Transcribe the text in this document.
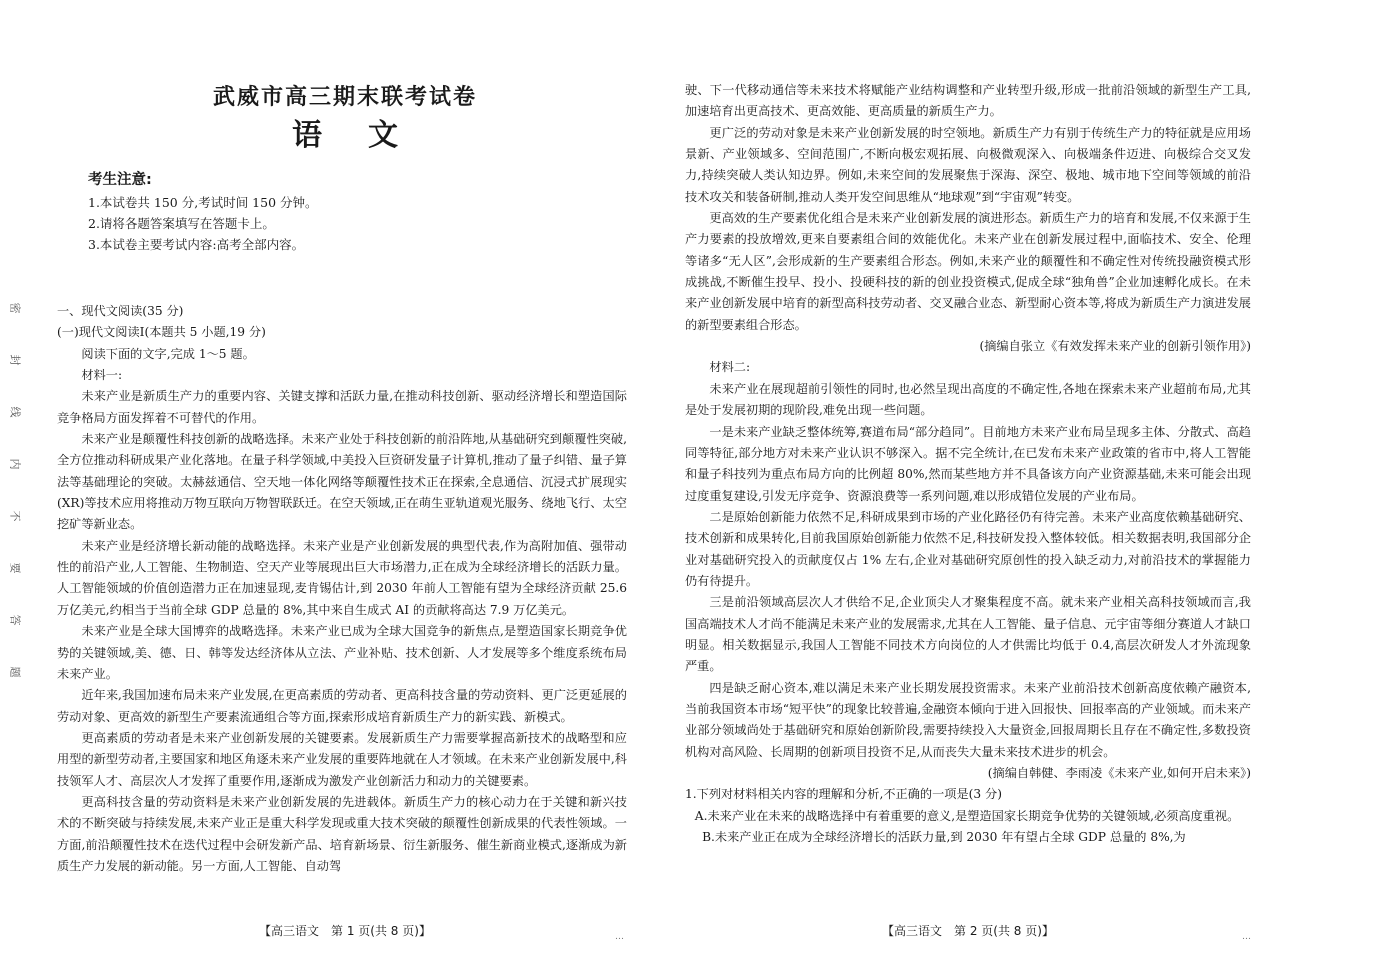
密
封
线
内
不
要
答
题
武威市高三期末联考试卷
语文
考生注意:
1.本试卷共 150 分,考试时间 150 分钟。
2.请将各题答案填写在答题卡上。
3.本试卷主要考试内容:高考全部内容。

一、现代文阅读(35 分)

(一)现代文阅读Ⅰ(本题共 5 小题,19 分)

阅读下面的文字,完成 1～5 题。

材料一:

未来产业是新质生产力的重要内容、关键支撑和活跃力量,在推动科技创新、驱动经济增长和塑造国际竞争格局方面发挥着不可替代的作用。

未来产业是颠覆性科技创新的战略选择。未来产业处于科技创新的前沿阵地,从基础研究到颠覆性突破,全方位推动科研成果产业化落地。在量子科学领域,中美投入巨资研发量子计算机,推动了量子纠错、量子算法等基础理论的突破。太赫兹通信、空天地一体化网络等颠覆性技术正在探索,全息通信、沉浸式扩展现实(XR)等技术应用将推动万物互联向万物智联跃迁。在空天领域,正在萌生亚轨道观光服务、绕地飞行、太空挖矿等新业态。

未来产业是经济增长新动能的战略选择。未来产业是产业创新发展的典型代表,作为高附加值、强带动性的前沿产业,人工智能、生物制造、空天产业等展现出巨大市场潜力,正在成为全球经济增长的活跃力量。人工智能领域的价值创造潜力正在加速显现,麦肯锡估计,到 2030 年前人工智能有望为全球经济贡献 25.6 万亿美元,约相当于当前全球 GDP 总量的 8%,其中来自生成式 AI 的贡献将高达 7.9 万亿美元。

未来产业是全球大国博弈的战略选择。未来产业已成为全球大国竞争的新焦点,是塑造国家长期竞争优势的关键领域,美、德、日、韩等发达经济体从立法、产业补贴、技术创新、人才发展等多个维度系统布局未来产业。

近年来,我国加速布局未来产业发展,在更高素质的劳动者、更高科技含量的劳动资料、更广泛更延展的劳动对象、更高效的新型生产要素流通组合等方面,探索形成培育新质生产力的新实践、新模式。

更高素质的劳动者是未来产业创新发展的关键要素。发展新质生产力需要掌握高新技术的战略型和应用型的新型劳动者,主要国家和地区角逐未来产业发展的重要阵地就在人才领域。在未来产业创新发展中,科技领军人才、高层次人才发挥了重要作用,逐渐成为激发产业创新活力和动力的关键要素。

更高科技含量的劳动资料是未来产业创新发展的先进载体。新质生产力的核心动力在于关键和新兴技术的不断突破与持续发展,未来产业正是重大科学发现或重大技术突破的颠覆性创新成果的代表性领域。一方面,前沿颠覆性技术在迭代过程中会研发新产品、培育新场景、衍生新服务、催生新商业模式,逐渐成为新质生产力发展的新动能。另一方面,人工智能、自动驾

【高三语文　第 1 页(共 8 页)】	…

驶、下一代移动通信等未来技术将赋能产业结构调整和产业转型升级,形成一批前沿领域的新型生产工具,加速培育出更高技术、更高效能、更高质量的新质生产力。

更广泛的劳动对象是未来产业创新发展的时空领地。新质生产力有别于传统生产力的特征就是应用场景新、产业领域多、空间范围广,不断向极宏观拓展、向极微观深入、向极端条件迈进、向极综合交叉发力,持续突破人类认知边界。例如,未来空间的发展聚焦于深海、深空、极地、城市地下空间等领域的前沿技术攻关和装备研制,推动人类开发空间思维从“地球观”到“宇宙观”转变。

更高效的生产要素优化组合是未来产业创新发展的演进形态。新质生产力的培育和发展,不仅来源于生产力要素的投放增效,更来自要素组合间的效能优化。未来产业在创新发展过程中,面临技术、安全、伦理等诸多“无人区”,会形成新的生产要素组合形态。例如,未来产业的颠覆性和不确定性对传统投融资模式形成挑战,不断催生投早、投小、投硬科技的新的创业投资模式,促成全球“独角兽”企业加速孵化成长。在未来产业创新发展中培育的新型高科技劳动者、交叉融合业态、新型耐心资本等,将成为新质生产力演进发展的新型要素组合形态。

(摘编自张立《有效发挥未来产业的创新引领作用》)

材料二:

未来产业在展现超前引领性的同时,也必然呈现出高度的不确定性,各地在探索未来产业超前布局,尤其是处于发展初期的现阶段,难免出现一些问题。

一是未来产业缺乏整体统筹,赛道布局“部分趋同”。目前地方未来产业布局呈现多主体、分散式、高趋同等特征,部分地方对未来产业认识不够深入。据不完全统计,在已发布未来产业政策的省市中,将人工智能和量子科技列为重点布局方向的比例超 80%,然而某些地方并不具备该方向产业资源基础,未来可能会出现过度重复建设,引发无序竞争、资源浪费等一系列问题,难以形成错位发展的产业布局。

二是原始创新能力依然不足,科研成果到市场的产业化路径仍有待完善。未来产业高度依赖基础研究、技术创新和成果转化,目前我国原始创新能力依然不足,科技研发投入整体较低。相关数据表明,我国部分企业对基础研究投入的贡献度仅占 1% 左右,企业对基础研究原创性的投入缺乏动力,对前沿技术的掌握能力仍有待提升。

三是前沿领域高层次人才供给不足,企业顶尖人才聚集程度不高。就未来产业相关高科技领域而言,我国高端技术人才尚不能满足未来产业的发展需求,尤其在人工智能、量子信息、元宇宙等细分赛道人才缺口明显。相关数据显示,我国人工智能不同技术方向岗位的人才供需比均低于 0.4,高层次研发人才外流现象严重。

四是缺乏耐心资本,难以满足未来产业长期发展投资需求。未来产业前沿技术创新高度依赖产融资本,当前我国资本市场“短平快”的现象比较普遍,金融资本倾向于进入回报快、回报率高的产业领域。而未来产业部分领域尚处于基础研究和原始创新阶段,需要持续投入大量资金,回报周期长且存在不确定性,多数投资机构对高风险、长周期的创新项目投资不足,从而丧失大量未来技术进步的机会。

(摘编自韩健、李雨凌《未来产业,如何开启未来》)

1.下列对材料相关内容的理解和分析,不正确的一项是(3 分)

A.未来产业在未来的战略选择中有着重要的意义,是塑造国家长期竞争优势的关键领域,必须高度重视。

B.未来产业正在成为全球经济增长的活跃力量,到 2030 年有望占全球 GDP 总量的 8%,为

【高三语文　第 2 页(共 8 页)】	…
